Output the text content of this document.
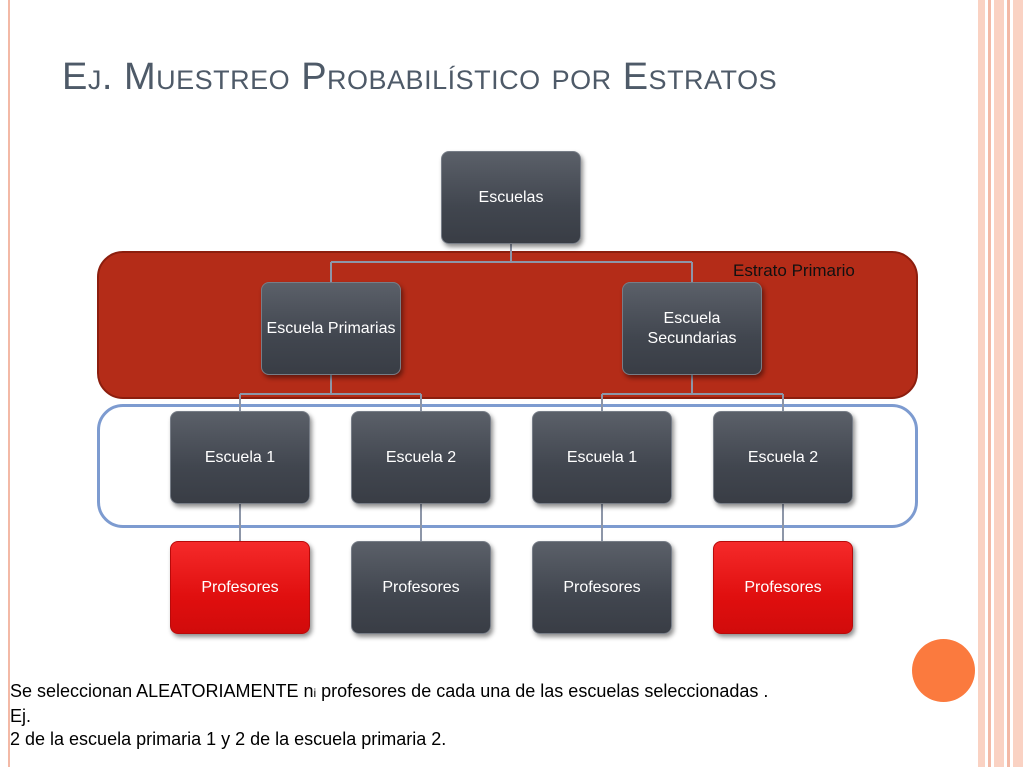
Ej. Muestreo Probabilístico por Estratos
Estrato Primario
Escuelas
Escuela Primarias
Escuela Secundarias
Escuela 1	Escuela 2	Escuela 1	Escuela 2
Profesores	Profesores	Profesores	Profesores
Se seleccionan ALEATORIAMENTE ni profesores de cada una de las escuelas seleccionadas .
Ej.
2 de la escuela primaria 1 y 2 de la escuela primaria 2.
